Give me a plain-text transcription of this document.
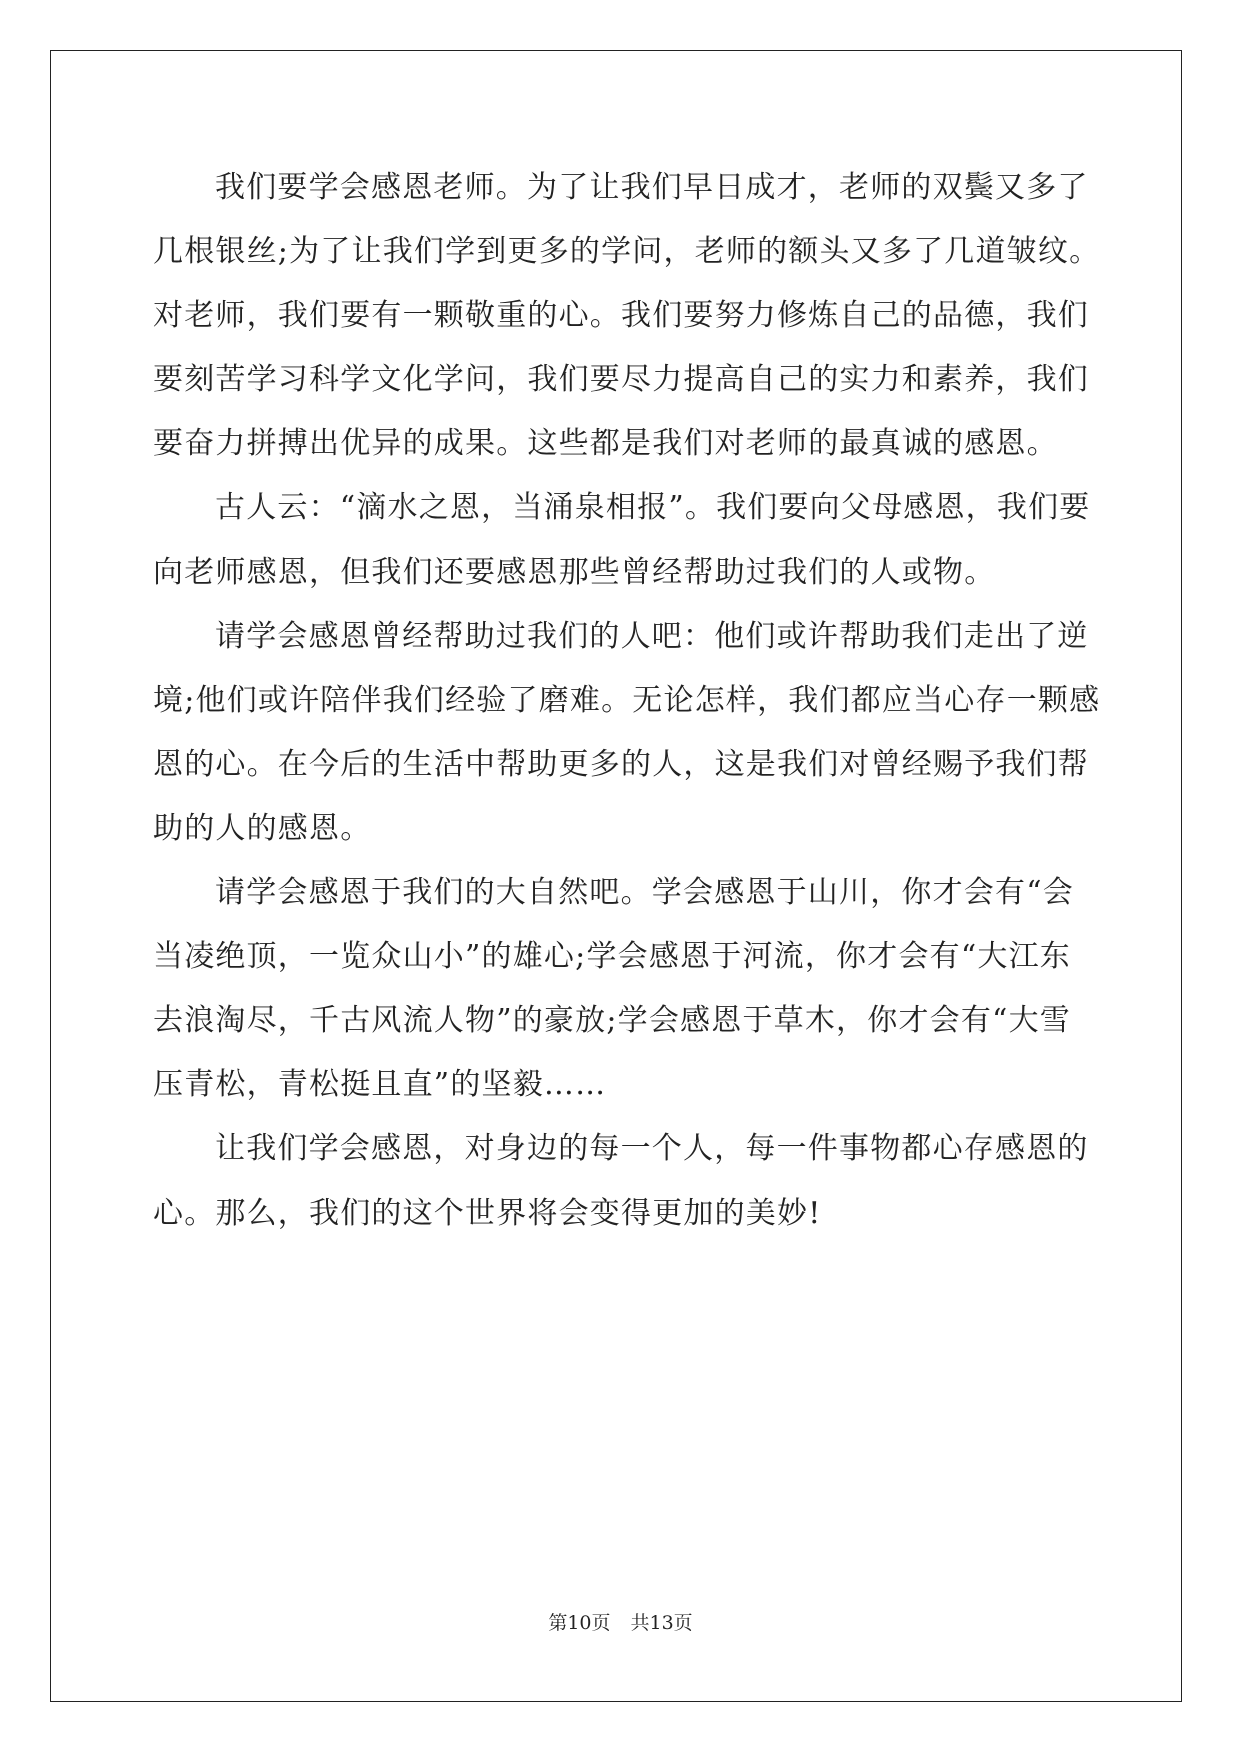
我们要学会感恩老师。为了让我们早日成才，老师的双鬓又多了
几根银丝;为了让我们学到更多的学问，老师的额头又多了几道皱纹。
对老师，我们要有一颗敬重的心。我们要努力修炼自己的品德，我们
要刻苦学习科学文化学问，我们要尽力提高自己的实力和素养，我们
要奋力拼搏出优异的成果。这些都是我们对老师的最真诚的感恩。
古人云：“滴水之恩，当涌泉相报”。我们要向父母感恩，我们要
向老师感恩，但我们还要感恩那些曾经帮助过我们的人或物。
请学会感恩曾经帮助过我们的人吧：他们或许帮助我们走出了逆
境;他们或许陪伴我们经验了磨难。无论怎样，我们都应当心存一颗感
恩的心。在今后的生活中帮助更多的人，这是我们对曾经赐予我们帮
助的人的感恩。
请学会感恩于我们的大自然吧。学会感恩于山川，你才会有“会
当凌绝顶，一览众山小”的雄心;学会感恩于河流，你才会有“大江东
去浪淘尽，千古风流人物”的豪放;学会感恩于草木，你才会有“大雪
压青松，青松挺且直”的坚毅……
让我们学会感恩，对身边的每一个人，每一件事物都心存感恩的
心。那么，我们的这个世界将会变得更加的美妙!
第10页 共13页
